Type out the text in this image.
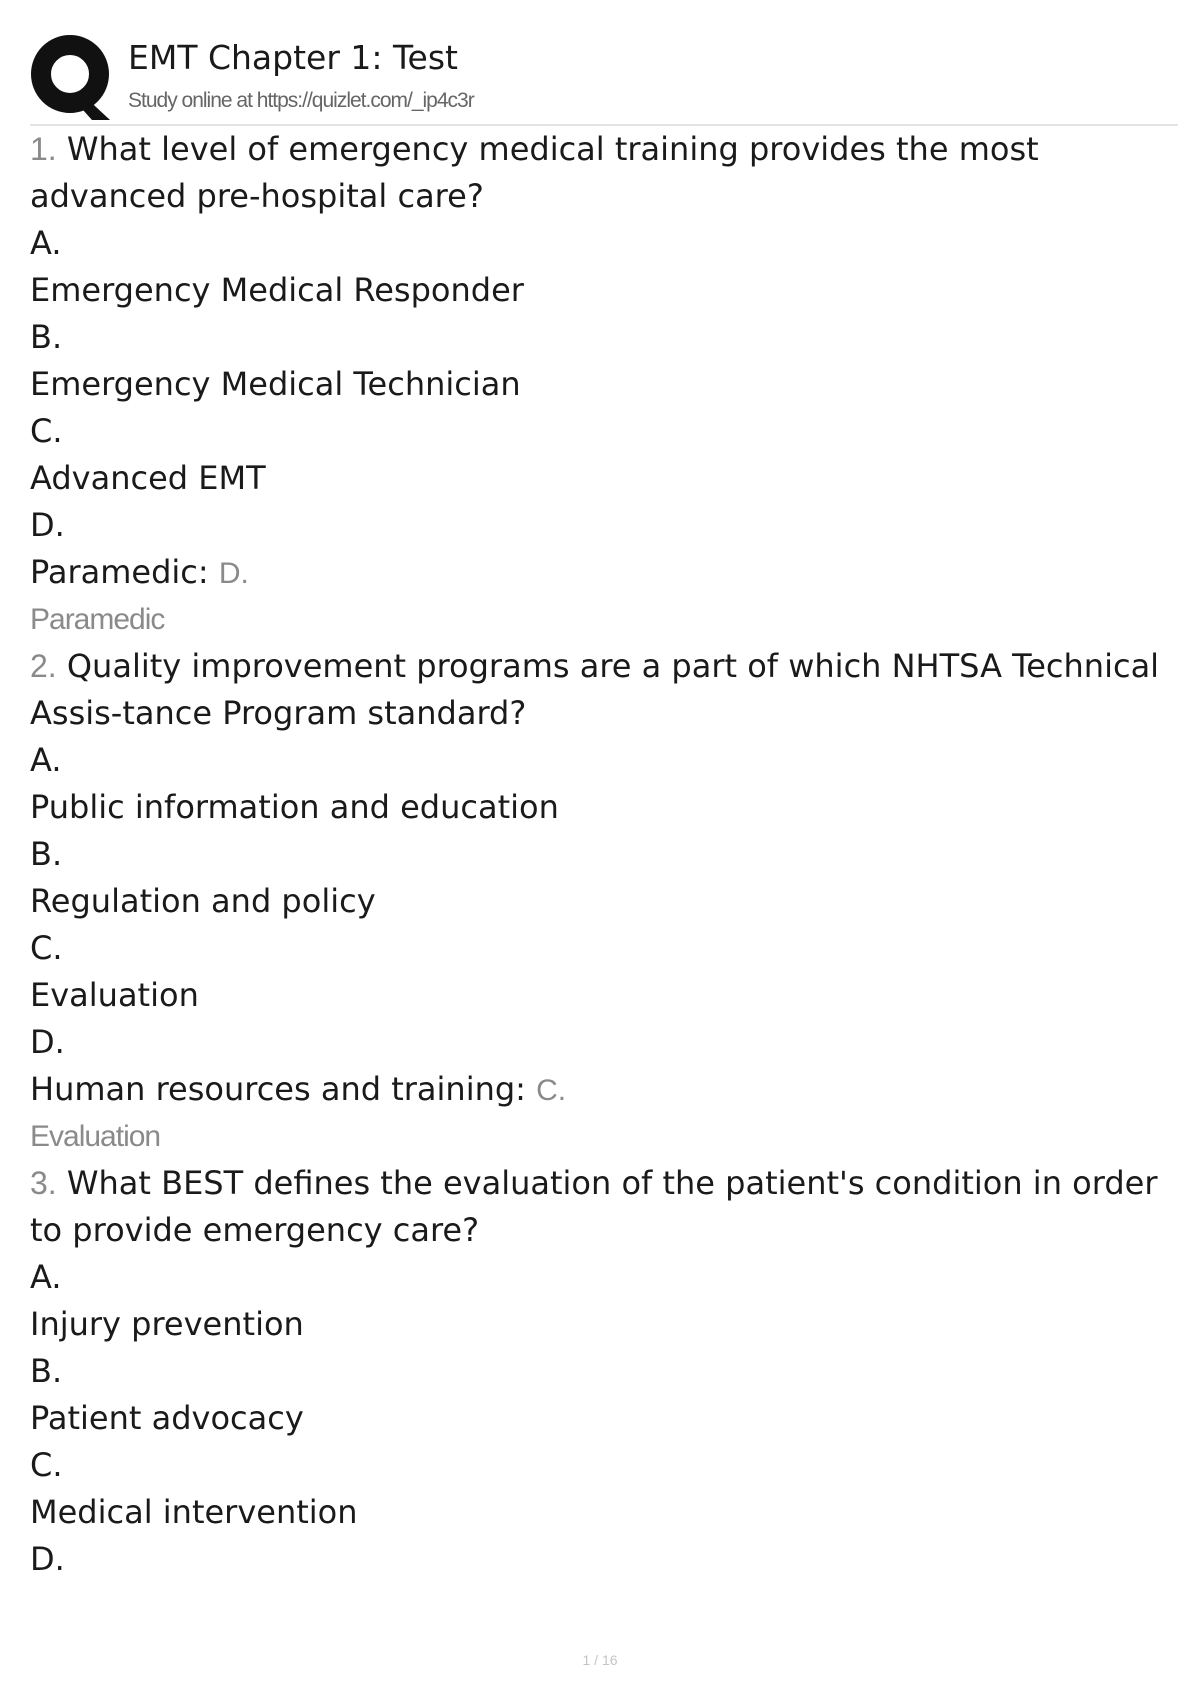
EMT Chapter 1: Test
Study online at https://quizlet.com/_ip4c3r
1. What level of emergency medical training provides the most advanced pre-hospital care?
A.
Emergency Medical Responder
B.
Emergency Medical Technician
C.
Advanced EMT
D.
Paramedic: D.
Paramedic
2. Quality improvement programs are a part of which NHTSA Technical Assis-tance Program standard?
A.
Public information and education
B.
Regulation and policy
C.
Evaluation
D.
Human resources and training: C.
Evaluation
3. What BEST defines the evaluation of the patient's condition in order to provide emergency care?
A.
Injury prevention
B.
Patient advocacy
C.
Medical intervention
D.
1 / 16
